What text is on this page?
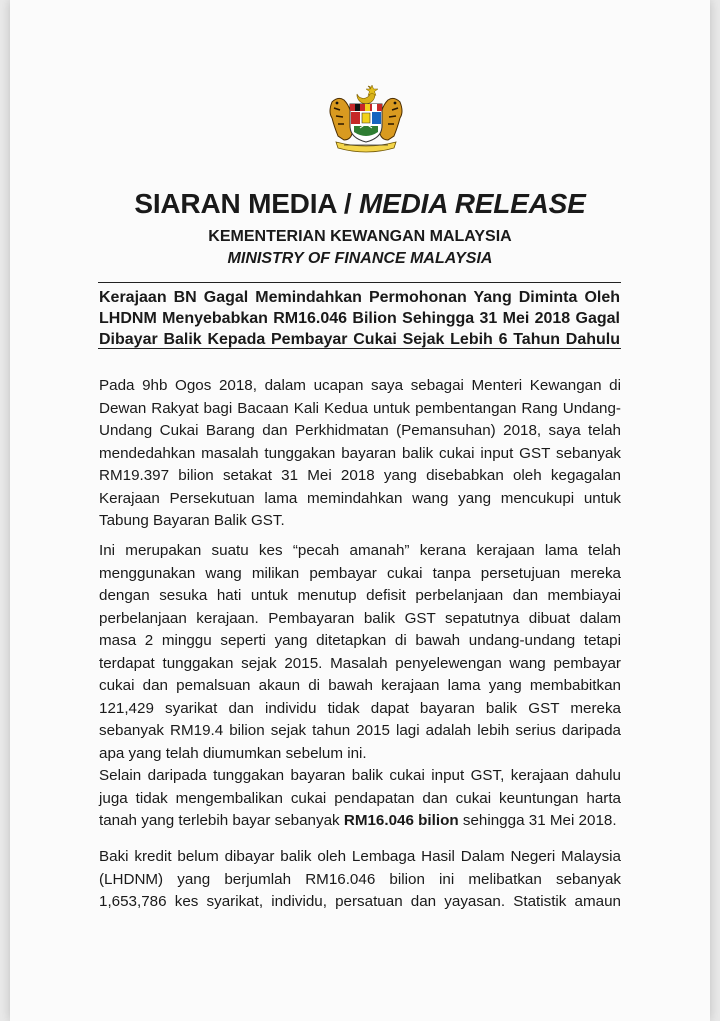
SIARAN MEDIA / MEDIA RELEASE
KEMENTERIAN KEWANGAN MALAYSIA
MINISTRY OF FINANCE MALAYSIA
Kerajaan BN Gagal Memindahkan Permohonan Yang Diminta Oleh
LHDNM Menyebabkan RM16.046 Bilion Sehingga 31 Mei 2018 Gagal
Dibayar Balik Kepada Pembayar Cukai Sejak Lebih 6 Tahun Dahulu
Pada 9hb Ogos 2018, dalam ucapan saya sebagai Menteri Kewangan di
Dewan Rakyat bagi Bacaan Kali Kedua untuk pembentangan Rang Undang-
Undang Cukai Barang dan Perkhidmatan (Pemansuhan) 2018, saya telah
mendedahkan masalah tunggakan bayaran balik cukai input GST sebanyak
RM19.397 bilion setakat 31 Mei 2018 yang disebabkan oleh kegagalan
Kerajaan Persekutuan lama memindahkan wang yang mencukupi untuk
Tabung Bayaran Balik GST.
Ini merupakan suatu kes “pecah amanah” kerana kerajaan lama telah
menggunakan wang milikan pembayar cukai tanpa persetujuan mereka
dengan sesuka hati untuk menutup defisit perbelanjaan dan membiayai
perbelanjaan kerajaan. Pembayaran balik GST sepatutnya dibuat dalam
masa 2 minggu seperti yang ditetapkan di bawah undang-undang tetapi
terdapat tunggakan sejak 2015. Masalah penyelewengan wang pembayar
cukai dan pemalsuan akaun di bawah kerajaan lama yang membabitkan
121,429 syarikat dan individu tidak dapat bayaran balik GST mereka
sebanyak RM19.4 bilion sejak tahun 2015 lagi adalah lebih serius daripada
apa yang telah diumumkan sebelum ini.
Selain daripada tunggakan bayaran balik cukai input GST, kerajaan dahulu
juga tidak mengembalikan cukai pendapatan dan cukai keuntungan harta
tanah yang terlebih bayar sebanyak RM16.046 bilion sehingga 31 Mei 2018.
Baki kredit belum dibayar balik oleh Lembaga Hasil Dalam Negeri Malaysia
(LHDNM) yang berjumlah RM16.046 bilion ini melibatkan sebanyak
1,653,786 kes syarikat, individu, persatuan dan yayasan. Statistik amaun
